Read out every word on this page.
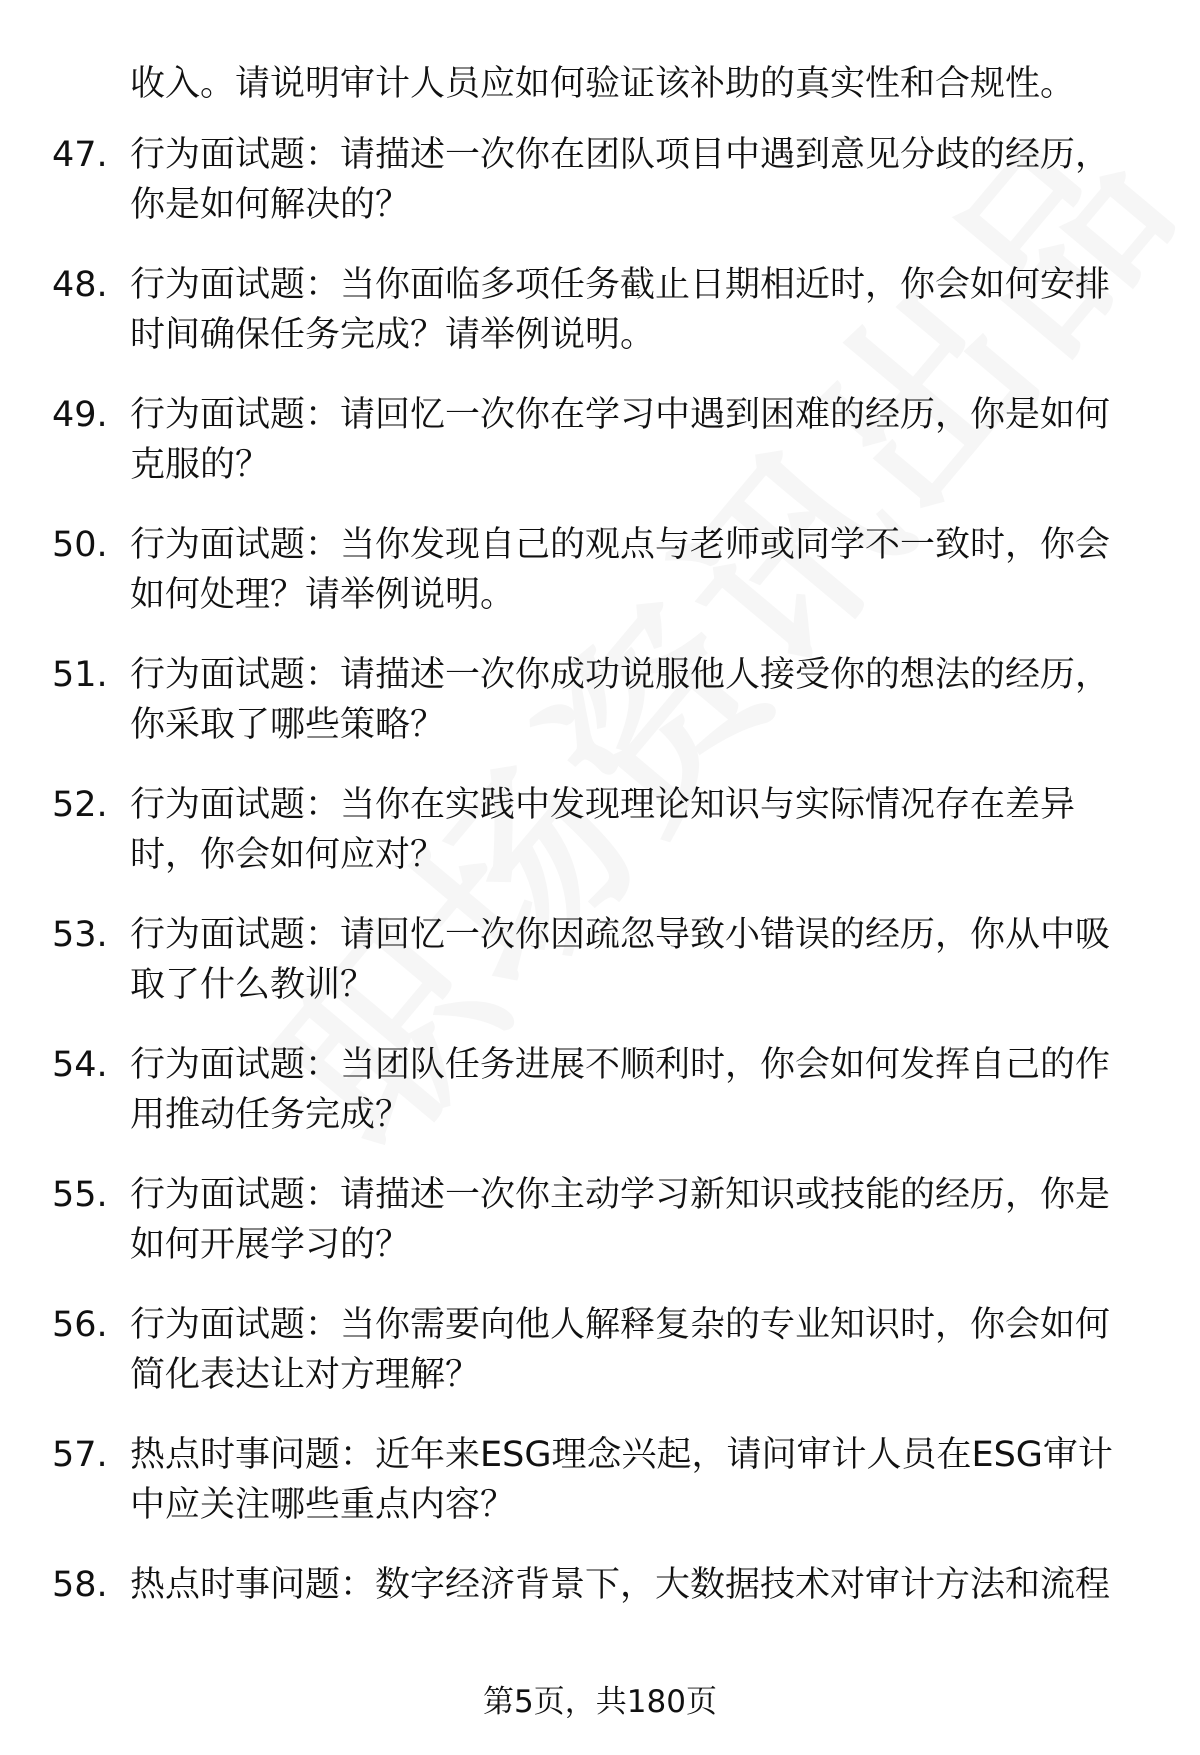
收入。请说明审计人员应如何验证该补助的真实性和合规性。
47. 行为面试题：请描述一次你在团队项目中遇到意见分歧的经历，
你是如何解决的？
48. 行为面试题：当你面临多项任务截止日期相近时，你会如何安排
时间确保任务完成？请举例说明。
49. 行为面试题：请回忆一次你在学习中遇到困难的经历，你是如何
克服的？
50. 行为面试题：当你发现自己的观点与老师或同学不一致时，你会
如何处理？请举例说明。
51. 行为面试题：请描述一次你成功说服他人接受你的想法的经历，
你采取了哪些策略？
52. 行为面试题：当你在实践中发现理论知识与实际情况存在差异
时，你会如何应对？
53. 行为面试题：请回忆一次你因疏忽导致小错误的经历，你从中吸
取了什么教训？
54. 行为面试题：当团队任务进展不顺利时，你会如何发挥自己的作
用推动任务完成？
55. 行为面试题：请描述一次你主动学习新知识或技能的经历，你是
如何开展学习的？
56. 行为面试题：当你需要向他人解释复杂的专业知识时，你会如何
简化表达让对方理解？
57. 热点时事问题：近年来ESG理念兴起，请问审计人员在ESG审计
中应关注哪些重点内容？
58. 热点时事问题：数字经济背景下，大数据技术对审计方法和流程
第5页，共180页
